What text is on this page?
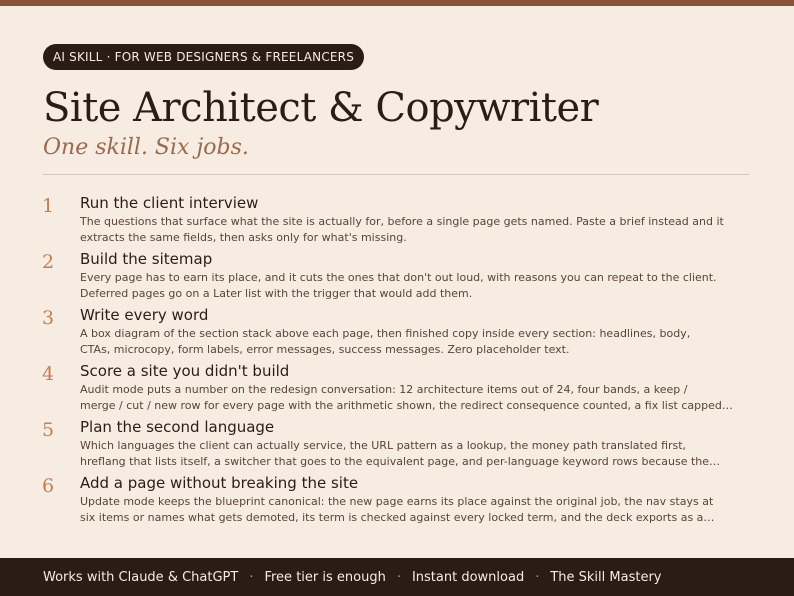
AI SKILL · FOR WEB DESIGNERS & FREELANCERS
Site Architect & Copywriter
One skill. Six jobs.
1 Run the client interview
The questions that surface what the site is actually for, before a single page gets named. Paste a brief instead and it
extracts the same fields, then asks only for what's missing.
2 Build the sitemap
Every page has to earn its place, and it cuts the ones that don't out loud, with reasons you can repeat to the client.
Deferred pages go on a Later list with the trigger that would add them.
3 Write every word
A box diagram of the section stack above each page, then finished copy inside every section: headlines, body,
CTAs, microcopy, form labels, error messages, success messages. Zero placeholder text.
4 Score a site you didn't build
Audit mode puts a number on the redesign conversation: 12 architecture items out of 24, four bands, a keep /
merge / cut / new row for every page with the arithmetic shown, the redirect consequence counted, a fix list capped…
5 Plan the second language
Which languages the client can actually service, the URL pattern as a lookup, the money path translated first,
hreflang that lists itself, a switcher that goes to the equivalent page, and per-language keyword rows because the…
6 Add a page without breaking the site
Update mode keeps the blueprint canonical: the new page earns its place against the original job, the nav stays at
six items or names what gets demoted, its term is checked against every locked term, and the deck exports as a…
Works with Claude & ChatGPT · Free tier is enough · Instant download · The Skill Mastery
